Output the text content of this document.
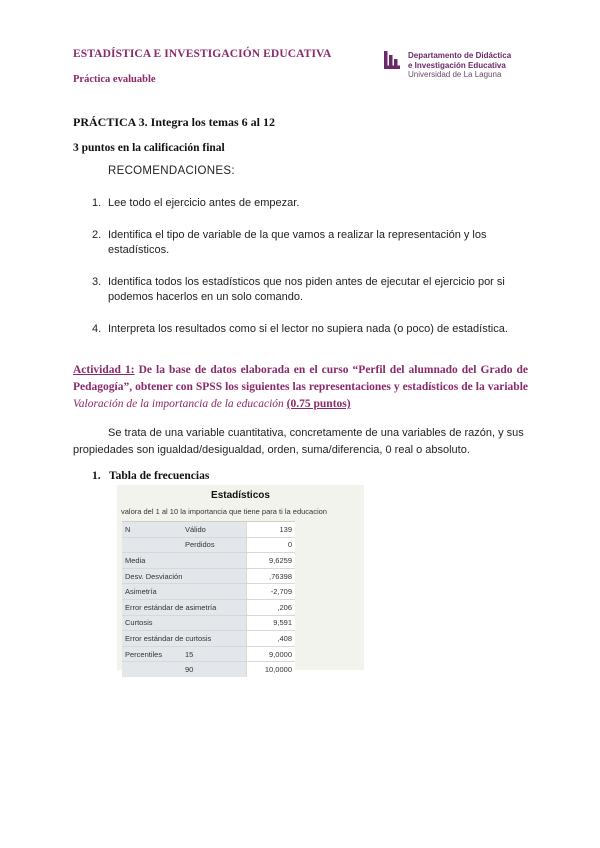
ESTADÍSTICA E INVESTIGACIÓN EDUCATIVA
Práctica evaluable
Departamento de Didáctica
e Investigación Educativa
Universidad de La Laguna
PRÁCTICA 3. Integra los temas 6 al 12
3 puntos en la calificación final
RECOMENDACIONES:
1. Lee todo el ejercicio antes de empezar.
2. Identifica el tipo de variable de la que vamos a realizar la representación y los estadísticos.
3. Identifica todos los estadísticos que nos piden antes de ejecutar el ejercicio por si podemos hacerlos en un solo comando.
4. Interpreta los resultados como si el lector no supiera nada (o poco) de estadística.
Actividad 1: De la base de datos elaborada en el curso “Perfil del alumnado del Grado de Pedagogía”, obtener con SPSS los siguientes las representaciones y estadísticos de la variable Valoración de la importancia de la educación (0.75 puntos)
Se trata de una variable cuantitativa, concretamente de una variables de razón, y sus propiedades son igualdad/desigualdad, orden, suma/diferencia, 0 real o absoluto.
1. Tabla de frecuencias
Estadísticos
valora del 1 al 10 la importancia que tiene para ti la educacion
N	Válido	139
	Perdidos	0
Media		9,6259
Desv. Desviación		,76398
Asimetría		-2,709
Error estándar de asimetría		,206
Curtosis		9,591
Error estándar de curtosis		,408
Percentiles	15	9,0000
	90	10,0000
